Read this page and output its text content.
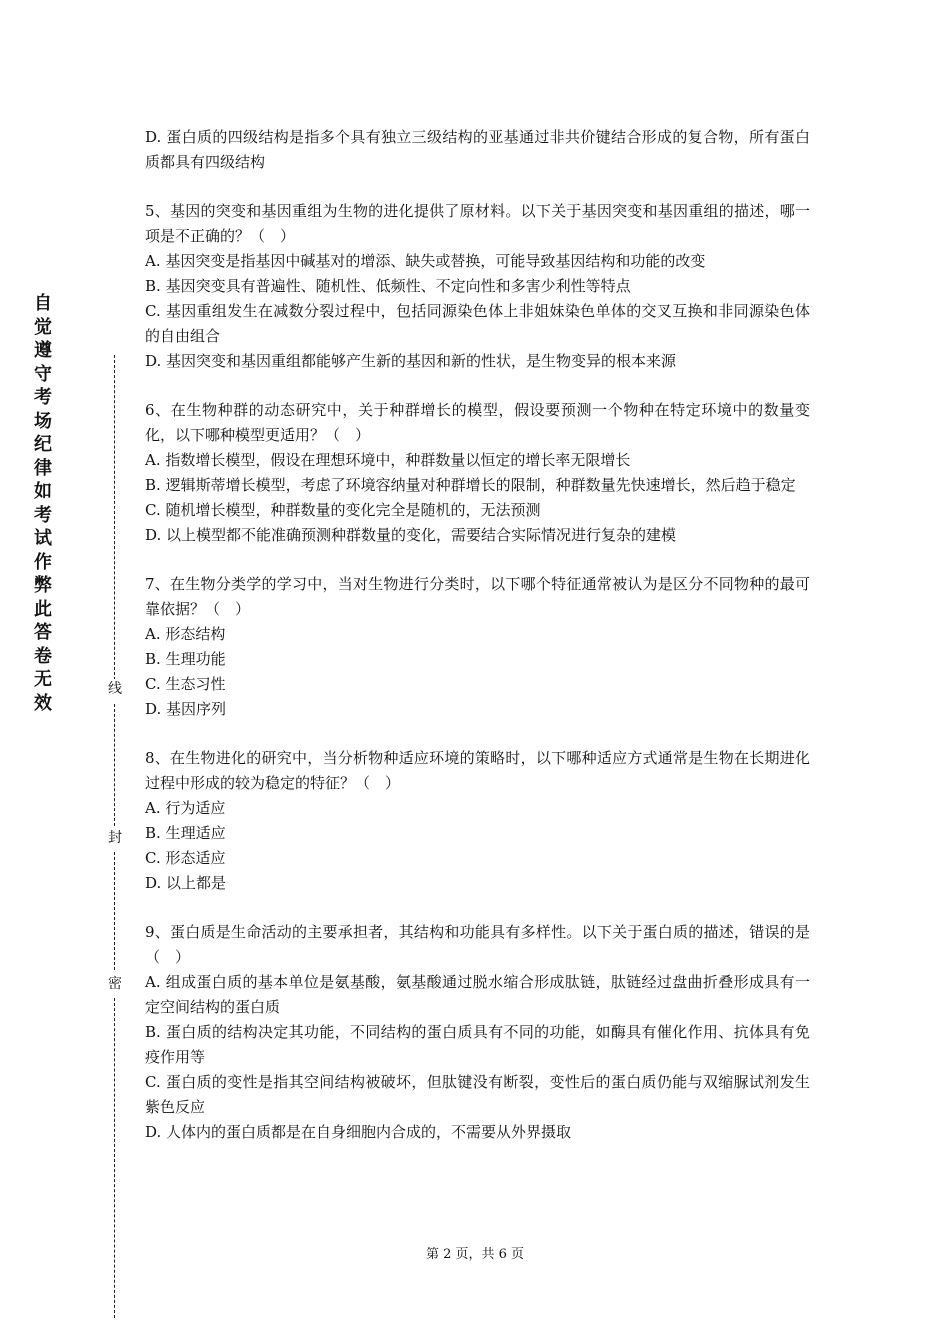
自觉遵守考场纪律如考试作弊此答卷无效
线
封
密

D. 蛋白质的四级结构是指多个具有独立三级结构的亚基通过非共价键结合形成的复合物，所有蛋白质都具有四级结构

5、基因的突变和基因重组为生物的进化提供了原材料。以下关于基因突变和基因重组的描述，哪一项是不正确的？（　）

A. 基因突变是指基因中碱基对的增添、缺失或替换，可能导致基因结构和功能的改变

B. 基因突变具有普遍性、随机性、低频性、不定向性和多害少利性等特点

C. 基因重组发生在减数分裂过程中，包括同源染色体上非姐妹染色单体的交叉互换和非同源染色体的自由组合

D. 基因突变和基因重组都能够产生新的基因和新的性状，是生物变异的根本来源

6、在生物种群的动态研究中，关于种群增长的模型，假设要预测一个物种在特定环境中的数量变化，以下哪种模型更适用？（　）

A. 指数增长模型，假设在理想环境中，种群数量以恒定的增长率无限增长

B. 逻辑斯蒂增长模型，考虑了环境容纳量对种群增长的限制，种群数量先快速增长，然后趋于稳定

C. 随机增长模型，种群数量的变化完全是随机的，无法预测

D. 以上模型都不能准确预测种群数量的变化，需要结合实际情况进行复杂的建模

7、在生物分类学的学习中，当对生物进行分类时，以下哪个特征通常被认为是区分不同物种的最可靠依据？（　）

A. 形态结构

B. 生理功能

C. 生态习性

D. 基因序列

8、在生物进化的研究中，当分析物种适应环境的策略时，以下哪种适应方式通常是生物在长期进化过程中形成的较为稳定的特征？（　）

A. 行为适应

B. 生理适应

C. 形态适应

D. 以上都是

9、蛋白质是生命活动的主要承担者，其结构和功能具有多样性。以下关于蛋白质的描述，错误的是（　）

A. 组成蛋白质的基本单位是氨基酸，氨基酸通过脱水缩合形成肽链，肽链经过盘曲折叠形成具有一定空间结构的蛋白质

B. 蛋白质的结构决定其功能，不同结构的蛋白质具有不同的功能，如酶具有催化作用、抗体具有免疫作用等

C. 蛋白质的变性是指其空间结构被破坏，但肽键没有断裂，变性后的蛋白质仍能与双缩脲试剂发生紫色反应

D. 人体内的蛋白质都是在自身细胞内合成的，不需要从外界摄取

第 2 页，共 6 页
